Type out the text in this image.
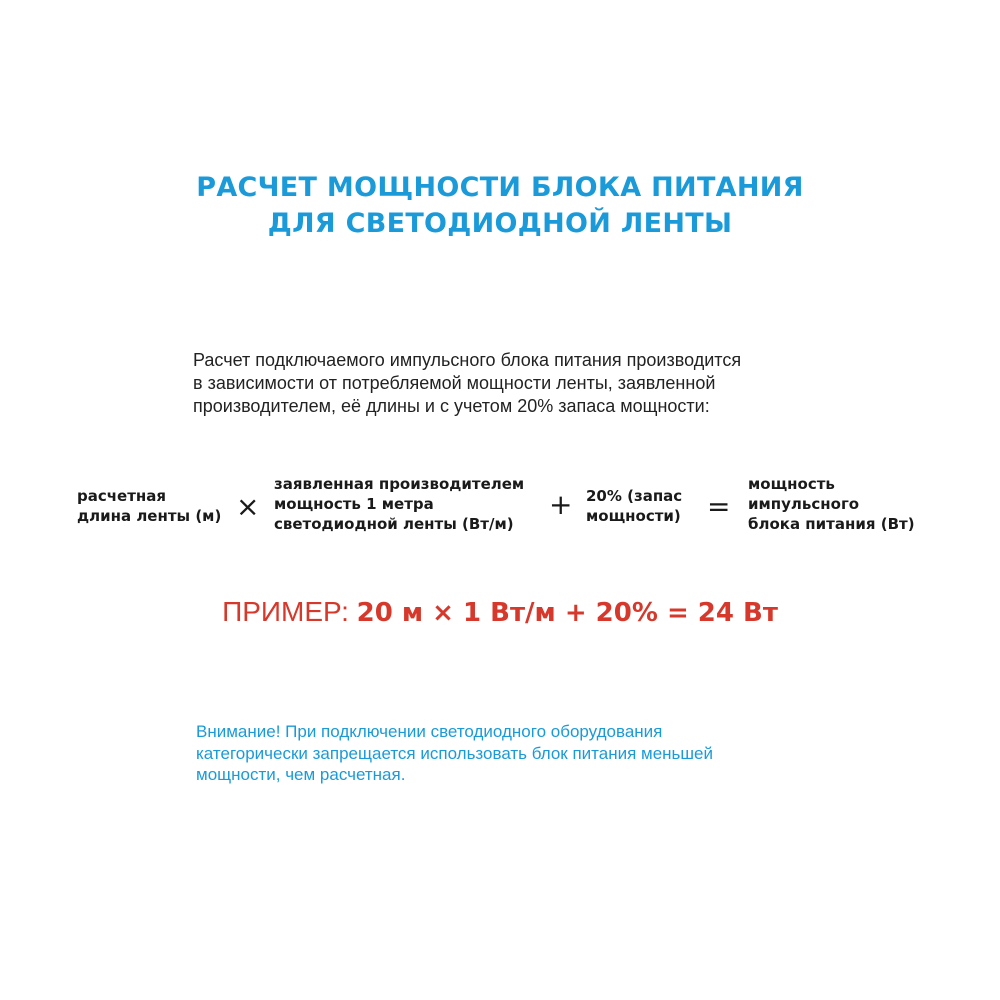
РАСЧЕТ МОЩНОСТИ БЛОКА ПИТАНИЯ
ДЛЯ СВЕТОДИОДНОЙ ЛЕНТЫ
Расчет подключаемого импульсного блока питания производится
в зависимости от потребляемой мощности ленты, заявленной
производителем, её длины и с учетом 20% запаса мощности:
расчетная
длина ленты (м) ×
заявленная производителем
мощность 1 метра
светодиодной ленты (Вт/м)
+ 20% (запас
мощности) =
мощность
импульсного
блока питания (Вт)
ПРИМЕР: 20 м × 1 Вт/м + 20% = 24 Вт
Внимание! При подключении светодиодного оборудования
категорически запрещается использовать блок питания меньшей
мощности, чем расчетная.
